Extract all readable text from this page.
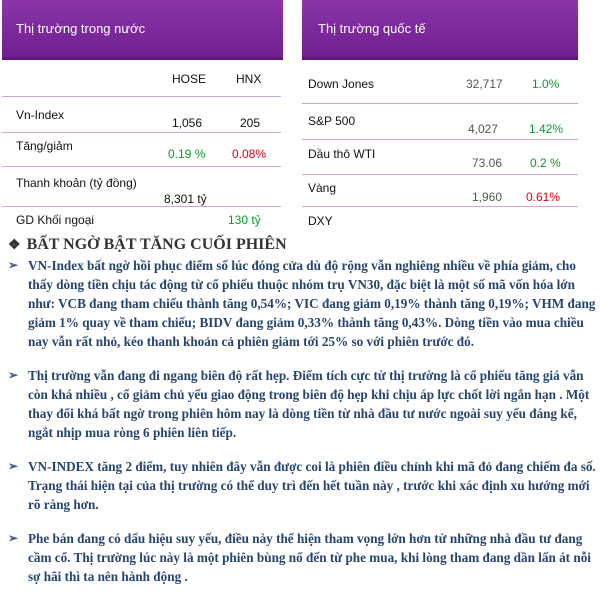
Thị trường trong nước
HOSE HNX
Vn-Index
1,056	205
Tăng/giảm
0.19 % 0.08%
Thanh khoản (tỷ đồng)
8,301 tỷ
GD Khối ngoại	130 tỷ
Thị trường quốc tế
Down Jones	32,717 1.0%
S&P 500
4,027	1.42%
Dầu thô WTI
73.06 0.2 %
Vàng
1,960 0.61%
DXY
❖ BẤT NGỜ BẬT TĂNG CUỐI PHIÊN
➢ VN-Index bất ngờ hồi phục điểm số lúc đóng cửa dù độ rộng vẫn nghiêng nhiều về phía giảm, cho thấy dòng tiền chịu tác động từ cổ phiếu thuộc nhóm trụ VN30, đặc biệt là một số mã vốn hóa lớn như: VCB đang tham chiếu thành tăng 0,54%; VIC đang giảm 0,19% thành tăng 0,19%; VHM đang giảm 1% quay về tham chiếu; BIDV đang giảm 0,33% thành tăng 0,43%. Dòng tiền vào mua chiều nay vẫn rất nhỏ, kéo thanh khoản cả phiên giảm tới 25% so với phiên trước đó.
➢ Thị trường vẫn đang đi ngang biên độ rất hẹp. Điểm tích cực từ thị trường là cổ phiếu tăng giá vẫn còn khá nhiều , cổ giảm chủ yếu giao động trong biên độ hẹp khi chịu áp lực chốt lời ngắn hạn . Một thay đổi khá bất ngờ trong phiên hôm nay là dòng tiền từ nhà đầu tư nước ngoài suy yếu đáng kể, ngắt nhịp mua ròng 6 phiên liên tiếp.
➢ VN-INDEX tăng 2 điểm, tuy nhiên đây vẫn được coi là phiên điều chỉnh khi mã đỏ đang chiếm đa số. Trạng thái hiện tại của thị trường có thể duy trì đến hết tuần này , trước khi xác định xu hướng mới rõ ràng hơn.
➢ Phe bán đang có dấu hiệu suy yếu, điều này thể hiện tham vọng lớn hơn từ những nhà đầu tư đang cầm cổ. Thị trường lúc này là một phiên bùng nổ đến từ phe mua, khi lòng tham đang dần lấn át nỗi sợ hãi thì ta nên hành động .
